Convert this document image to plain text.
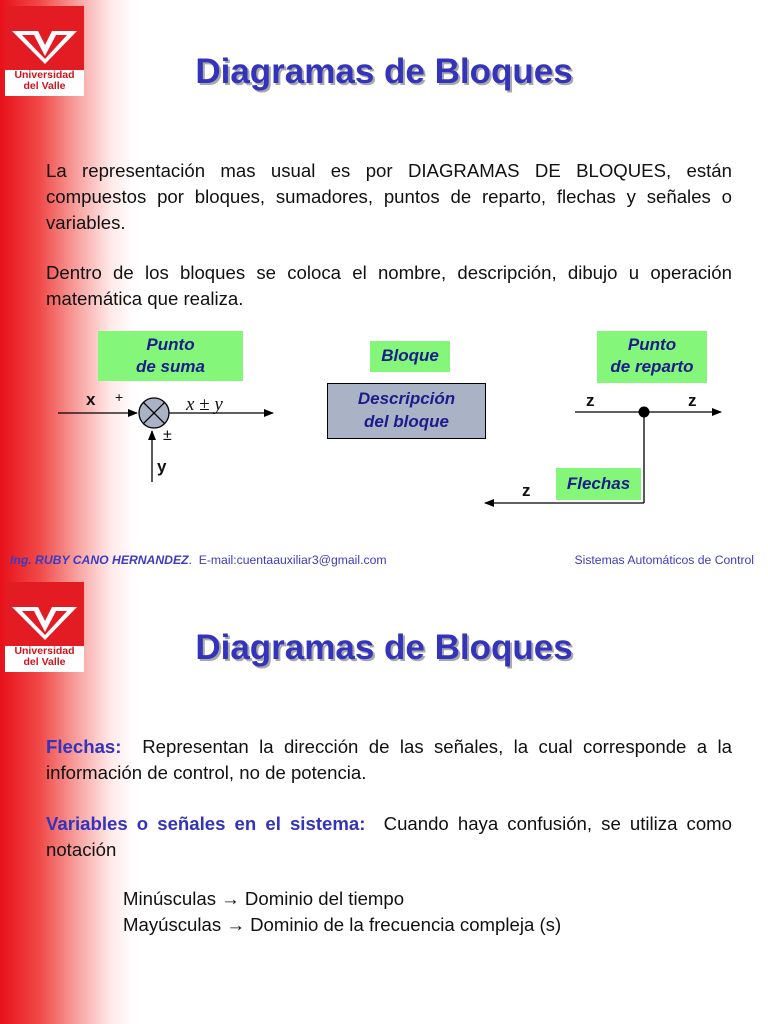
Universidad
del Valle	Diagramas de Bloques
La representación mas usual es por DIAGRAMAS DE BLOQUES, están compuestos por bloques, sumadores, puntos de reparto, flechas y señales o variables.
Dentro de los bloques se coloca el nombre, descripción, dibujo u operación matemática que realiza.
Punto
de suma
x +	x ± y
±
y
Bloque
Descripción
del bloque
Punto
de reparto
z	z
z	Flechas
Ing. RUBY CANO HERNANDEZ.  E-mail:cuentaauxiliar3@gmail.com	Sistemas Automáticos de Control
Universidad
del Valle	Diagramas de Bloques
Flechas: Representan la dirección de las señales, la cual corresponde a la información de control, no de potencia.
Variables o señales en el sistema: Cuando haya confusión, se utiliza como notación
Minúsculas → Dominio del tiempo
Mayúsculas → Dominio de la frecuencia compleja (s)
